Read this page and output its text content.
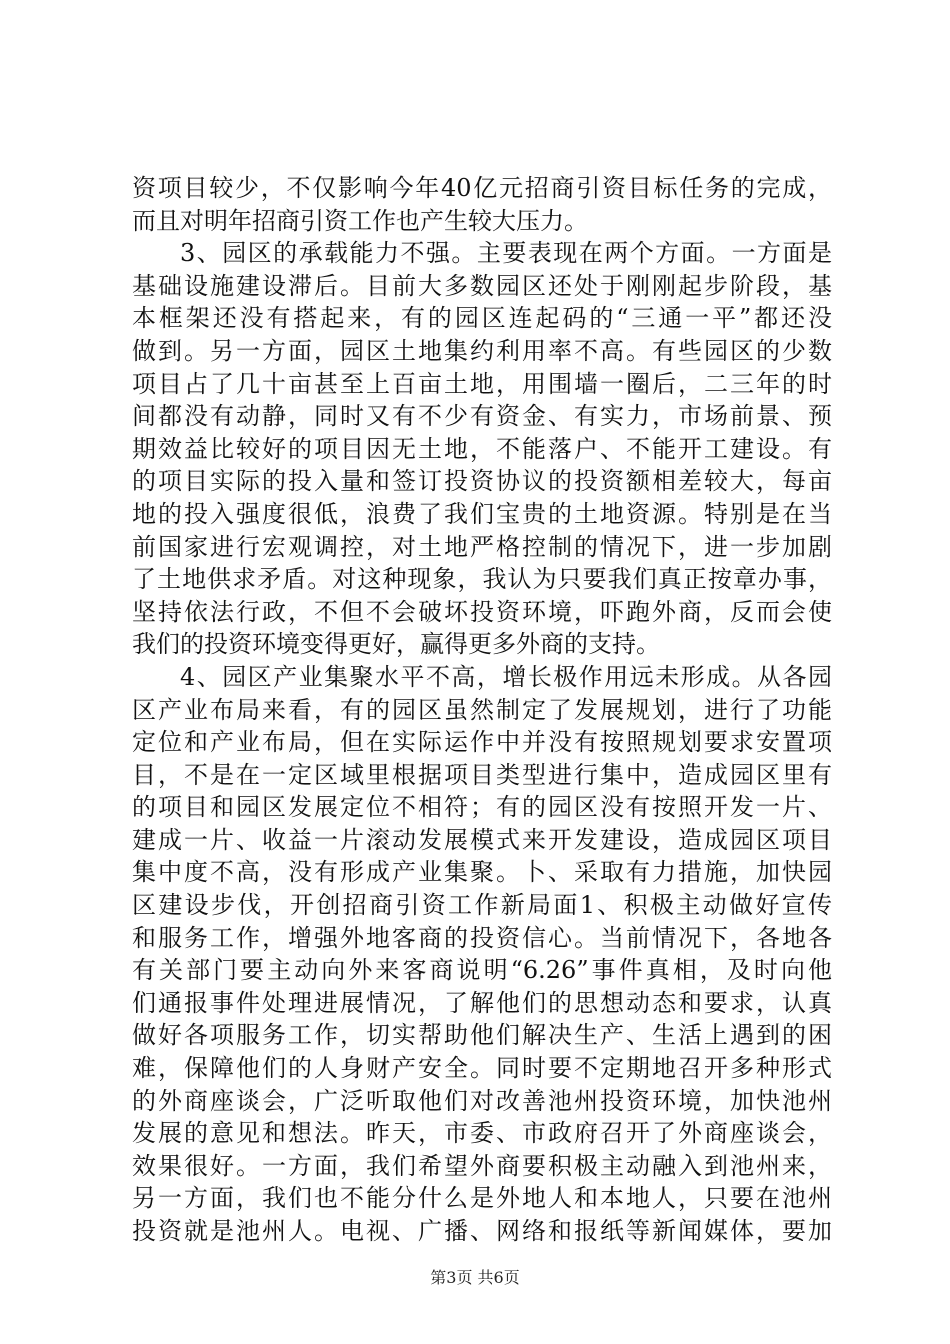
资项目较少，不仅影响今年40亿元招商引资目标任务的完成，
而且对明年招商引资工作也产生较大压力。
3、园区的承载能力不强。主要表现在两个方面。一方面是
基础设施建设滞后。目前大多数园区还处于刚刚起步阶段，基
本框架还没有搭起来，有的园区连起码的“三通一平”都还没
做到。另一方面，园区土地集约利用率不高。有些园区的少数
项目占了几十亩甚至上百亩土地，用围墙一圈后，二三年的时
间都没有动静，同时又有不少有资金、有实力，市场前景、预
期效益比较好的项目因无土地，不能落户、不能开工建设。有
的项目实际的投入量和签订投资协议的投资额相差较大，每亩
地的投入强度很低，浪费了我们宝贵的土地资源。特别是在当
前国家进行宏观调控，对土地严格控制的情况下，进一步加剧
了土地供求矛盾。对这种现象，我认为只要我们真正按章办事，
坚持依法行政，不但不会破坏投资环境，吓跑外商，反而会使
我们的投资环境变得更好，赢得更多外商的支持。
4、园区产业集聚水平不高，增长极作用远未形成。从各园
区产业布局来看，有的园区虽然制定了发展规划，进行了功能
定位和产业布局，但在实际运作中并没有按照规划要求安置项
目，不是在一定区域里根据项目类型进行集中，造成园区里有
的项目和园区发展定位不相符；有的园区没有按照开发一片、
建成一片、收益一片滚动发展模式来开发建设，造成园区项目
集中度不高，没有形成产业集聚。卜、采取有力措施，加快园
区建设步伐，开创招商引资工作新局面1、积极主动做好宣传
和服务工作，增强外地客商的投资信心。当前情况下，各地各
有关部门要主动向外来客商说明“6.26”事件真相，及时向他
们通报事件处理进展情况，了解他们的思想动态和要求，认真
做好各项服务工作，切实帮助他们解决生产、生活上遇到的困
难，保障他们的人身财产安全。同时要不定期地召开多种形式
的外商座谈会，广泛听取他们对改善池州投资环境，加快池州
发展的意见和想法。昨天，市委、市政府召开了外商座谈会，
效果很好。一方面，我们希望外商要积极主动融入到池州来，
另一方面，我们也不能分什么是外地人和本地人，只要在池州
投资就是池州人。电视、广播、网络和报纸等新闻媒体，要加
第3页 共6页
